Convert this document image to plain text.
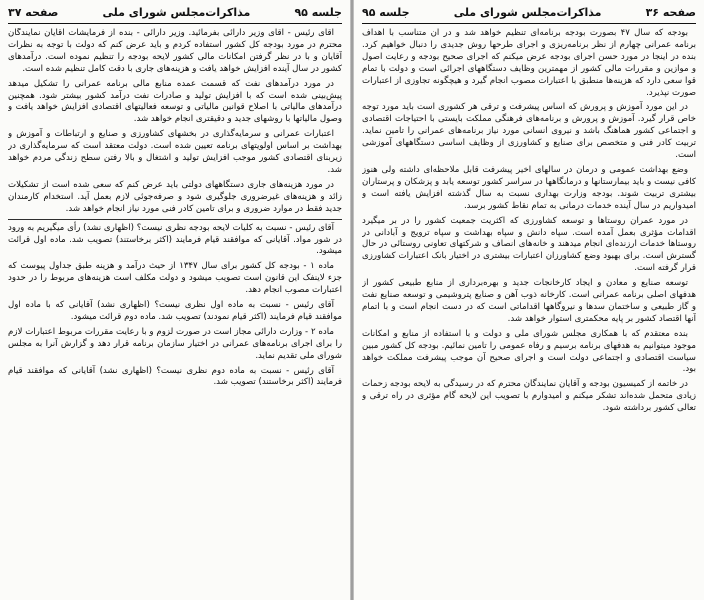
جلسه ۹۵
مذاکرات‌مجلس شورای ملی
صفحه ۳۷

آقای رئیس - آقای وزیر دارائی بفرمائید. وزیر دارائی - بنده از فرمایشات آقایان نمایندگان محترم در مورد بودجه کل کشور استفاده کردم و باید عرض کنم که دولت با توجه به نظرات آقایان و با در نظر گرفتن امکانات مالی کشور لایحه بودجه را تنظیم نموده است. درآمدهای کشور در سال آینده افزایش خواهد یافت و هزینه‌های جاری با دقت کامل تنظیم شده است.

در مورد درآمدهای نفت که قسمت عمده منابع مالی برنامه عمرانی را تشکیل میدهد پیش‌بینی شده است که با افزایش تولید و صادرات نفت درآمد کشور بیشتر شود. همچنین درآمدهای مالیاتی با اصلاح قوانین مالیاتی و توسعه فعالیتهای اقتصادی افزایش خواهد یافت و وصول مالیاتها با روشهای جدید و دقیقتری انجام خواهد شد.

اعتبارات عمرانی و سرمایه‌گذاری در بخشهای کشاورزی و صنایع و ارتباطات و آموزش و بهداشت بر اساس اولویتهای برنامه تعیین شده است. دولت معتقد است که سرمایه‌گذاری در زیربنای اقتصادی کشور موجب افزایش تولید و اشتغال و بالا رفتن سطح زندگی مردم خواهد شد.

در مورد هزینه‌های جاری دستگاههای دولتی باید عرض کنم که سعی شده است از تشکیلات زائد و هزینه‌های غیرضروری جلوگیری شود و صرفه‌جوئی لازم بعمل آید. استخدام کارمندان جدید فقط در موارد ضروری و برای تامین کادر فنی مورد نیاز انجام خواهد شد.

آقای رئیس - نسبت به کلیات لایحه بودجه نظری نیست؟ (اظهاری نشد) رأی میگیریم به ورود در شور مواد. آقایانی که موافقند قیام فرمایند (اکثر برخاستند) تصویب شد. ماده اول قرائت میشود.

ماده ۱ - بودجه کل کشور برای سال ۱۳۴۷ از حیث درآمد و هزینه طبق جداول پیوست که جزء لاینفک این قانون است تصویب میشود و دولت مکلف است هزینه‌های مربوط را در حدود اعتبارات مصوب انجام دهد.

آقای رئیس - نسبت به ماده اول نظری نیست؟ (اظهاری نشد) آقایانی که با ماده اول موافقند قیام فرمایند (اکثر قیام نمودند) تصویب شد. ماده دوم قرائت میشود.

ماده ۲ - وزارت دارائی مجاز است در صورت لزوم و با رعایت مقررات مربوط اعتبارات لازم را برای اجرای برنامه‌های عمرانی در اختیار سازمان برنامه قرار دهد و گزارش آنرا به مجلس شورای ملی تقدیم نماید.

آقای رئیس - نسبت به ماده دوم نظری نیست؟ (اظهاری نشد) آقایانی که موافقند قیام فرمایند (اکثر برخاستند) تصویب شد.

صفحه ۳۶
مذاکرات‌مجلس شورای ملی
جلسه ۹۵

بودجه که سال ۴۷ بصورت بودجه برنامه‌ای تنظیم خواهد شد و در آن متناسب با اهداف برنامه عمرانی چهارم از نظر برنامه‌ریزی و اجرای طرحها روش جدیدی را دنبال خواهیم کرد. بنده در اینجا در مورد حسن اجرای بودجه عرض میکنم که اجرای صحیح بودجه و رعایت اصول و موازین و مقررات مالی کشور از مهمترین وظایف دستگاههای اجرائی است و دولت با تمام قوا سعی دارد که هزینه‌ها منطبق با اعتبارات مصوب انجام گیرد و هیچگونه تجاوزی از اعتبارات صورت نپذیرد.

در این مورد آموزش و پرورش که اساس پیشرفت و ترقی هر کشوری است باید مورد توجه خاص قرار گیرد. آموزش و پرورش و برنامه‌های فرهنگی مملکت بایستی با احتیاجات اقتصادی و اجتماعی کشور هماهنگ باشد و نیروی انسانی مورد نیاز برنامه‌های عمرانی را تامین نماید. تربیت کادر فنی و متخصص برای صنایع و کشاورزی از وظایف اساسی دستگاههای آموزشی است.

وضع بهداشت عمومی و درمان در سالهای اخیر پیشرفت قابل ملاحظه‌ای داشته ولی هنوز کافی نیست و باید بیمارستانها و درمانگاهها در سراسر کشور توسعه یابد و پزشکان و پرستاران بیشتری تربیت شوند. بودجه وزارت بهداری نسبت به سال گذشته افزایش یافته است و امیدواریم در سال آینده خدمات درمانی به تمام نقاط کشور برسد.

در مورد عمران روستاها و توسعه کشاورزی که اکثریت جمعیت کشور را در بر میگیرد اقدامات مؤثری بعمل آمده است. سپاه دانش و سپاه بهداشت و سپاه ترویج و آبادانی در روستاها خدمات ارزنده‌ای انجام میدهند و خانه‌های انصاف و شرکتهای تعاونی روستائی در حال گسترش است. برای بهبود وضع کشاورزان اعتبارات بیشتری در اختیار بانک اعتبارات کشاورزی قرار گرفته است.

توسعه صنایع و معادن و ایجاد کارخانجات جدید و بهره‌برداری از منابع طبیعی کشور از هدفهای اصلی برنامه عمرانی است. کارخانه ذوب آهن و صنایع پتروشیمی و توسعه صنایع نفت و گاز طبیعی و ساختمان سدها و نیروگاهها اقداماتی است که در دست انجام است و با اتمام آنها اقتصاد کشور بر پایه محکمتری استوار خواهد شد.

بنده معتقدم که با همکاری مجلس شورای ملی و دولت و با استفاده از منابع و امکانات موجود میتوانیم به هدفهای برنامه برسیم و رفاه عمومی را تامین نمائیم. بودجه کل کشور مبین سیاست اقتصادی و اجتماعی دولت است و اجرای صحیح آن موجب پیشرفت مملکت خواهد بود.

در خاتمه از کمیسیون بودجه و آقایان نمایندگان محترم که در رسیدگی به لایحه بودجه زحمات زیادی متحمل شده‌اند تشکر میکنم و امیدوارم با تصویب این لایحه گام مؤثری در راه ترقی و تعالی کشور برداشته شود.
